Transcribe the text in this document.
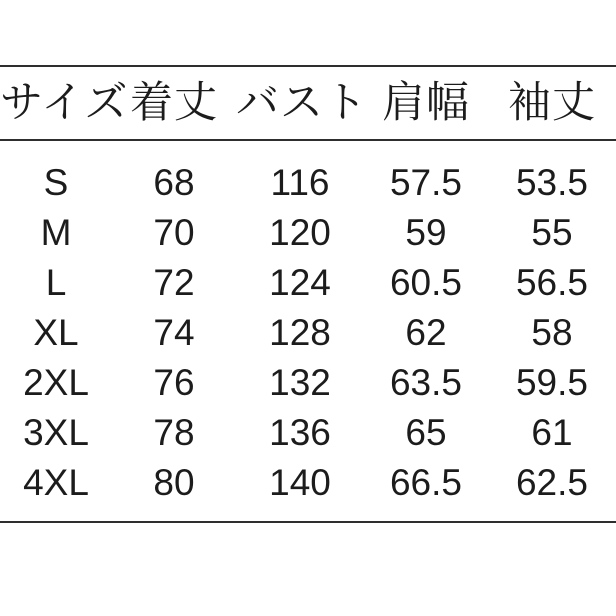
サイズ 着丈 バスト 肩幅 袖丈
S	68	116	57.5	53.5
M	70	120	59	55
L	72	124	60.5	56.5
XL	74	128	62	58
2XL	76	132	63.5	59.5
3XL	78	136	65	61
4XL	80	140	66.5	62.5
